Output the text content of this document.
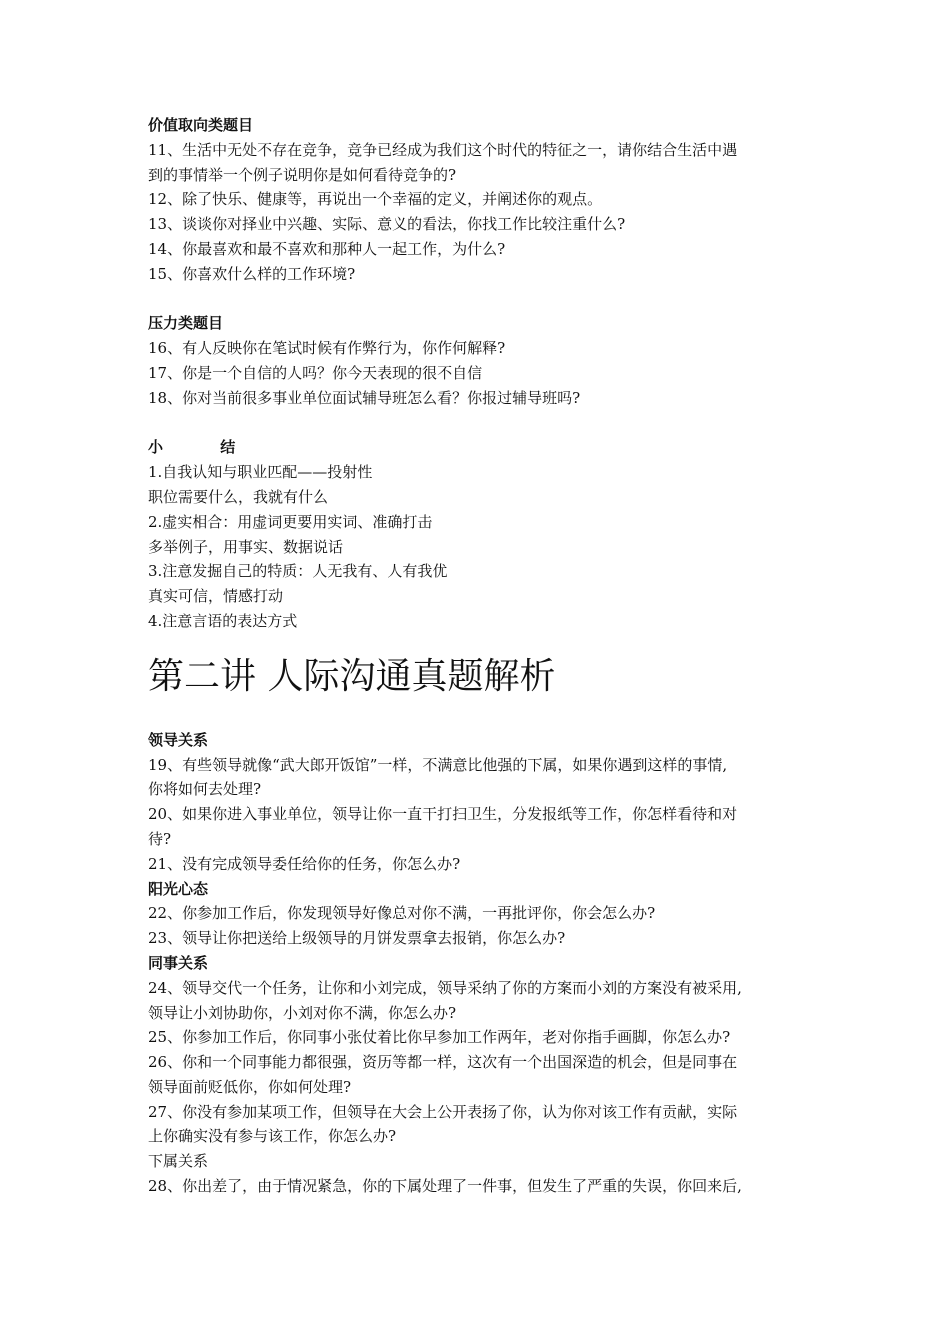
价值取向类题目
11、生活中无处不存在竞争，竞争已经成为我们这个时代的特征之一，请你结合生活中遇
到的事情举一个例子说明你是如何看待竞争的?
12、除了快乐、健康等，再说出一个幸福的定义，并阐述你的观点。
13、谈谈你对择业中兴趣、实际、意义的看法，你找工作比较注重什么?
14、你最喜欢和最不喜欢和那种人一起工作，为什么?
15、你喜欢什么样的工作环境?
压力类题目
16、有人反映你在笔试时候有作弊行为，你作何解释?
17、你是一个自信的人吗？你今天表现的很不自信
18、你对当前很多事业单位面试辅导班怎么看？你报过辅导班吗?
小 结
1.自我认知与职业匹配——投射性
职位需要什么，我就有什么
2.虚实相合：用虚词更要用实词、准确打击
多举例子，用事实、数据说话
3.注意发掘自己的特质：人无我有、人有我优
真实可信，情感打动
4.注意言语的表达方式
第二讲 人际沟通真题解析
领导关系
19、有些领导就像“武大郎开饭馆”一样，不满意比他强的下属，如果你遇到这样的事情,
你将如何去处理?
20、如果你进入事业单位，领导让你一直干打扫卫生，分发报纸等工作，你怎样看待和对
待?
21、没有完成领导委任给你的任务，你怎么办?
阳光心态
22、你参加工作后，你发现领导好像总对你不满，一再批评你，你会怎么办?
23、领导让你把送给上级领导的月饼发票拿去报销，你怎么办?
同事关系
24、领导交代一个任务，让你和小刘完成，领导采纳了你的方案而小刘的方案没有被采用,
领导让小刘协助你，小刘对你不满，你怎么办?
25、你参加工作后，你同事小张仗着比你早参加工作两年，老对你指手画脚，你怎么办?
26、你和一个同事能力都很强，资历等都一样，这次有一个出国深造的机会，但是同事在
领导面前贬低你，你如何处理?
27、你没有参加某项工作，但领导在大会上公开表扬了你，认为你对该工作有贡献，实际
上你确实没有参与该工作，你怎么办?
下属关系
28、你出差了，由于情况紧急，你的下属处理了一件事，但发生了严重的失误，你回来后,
